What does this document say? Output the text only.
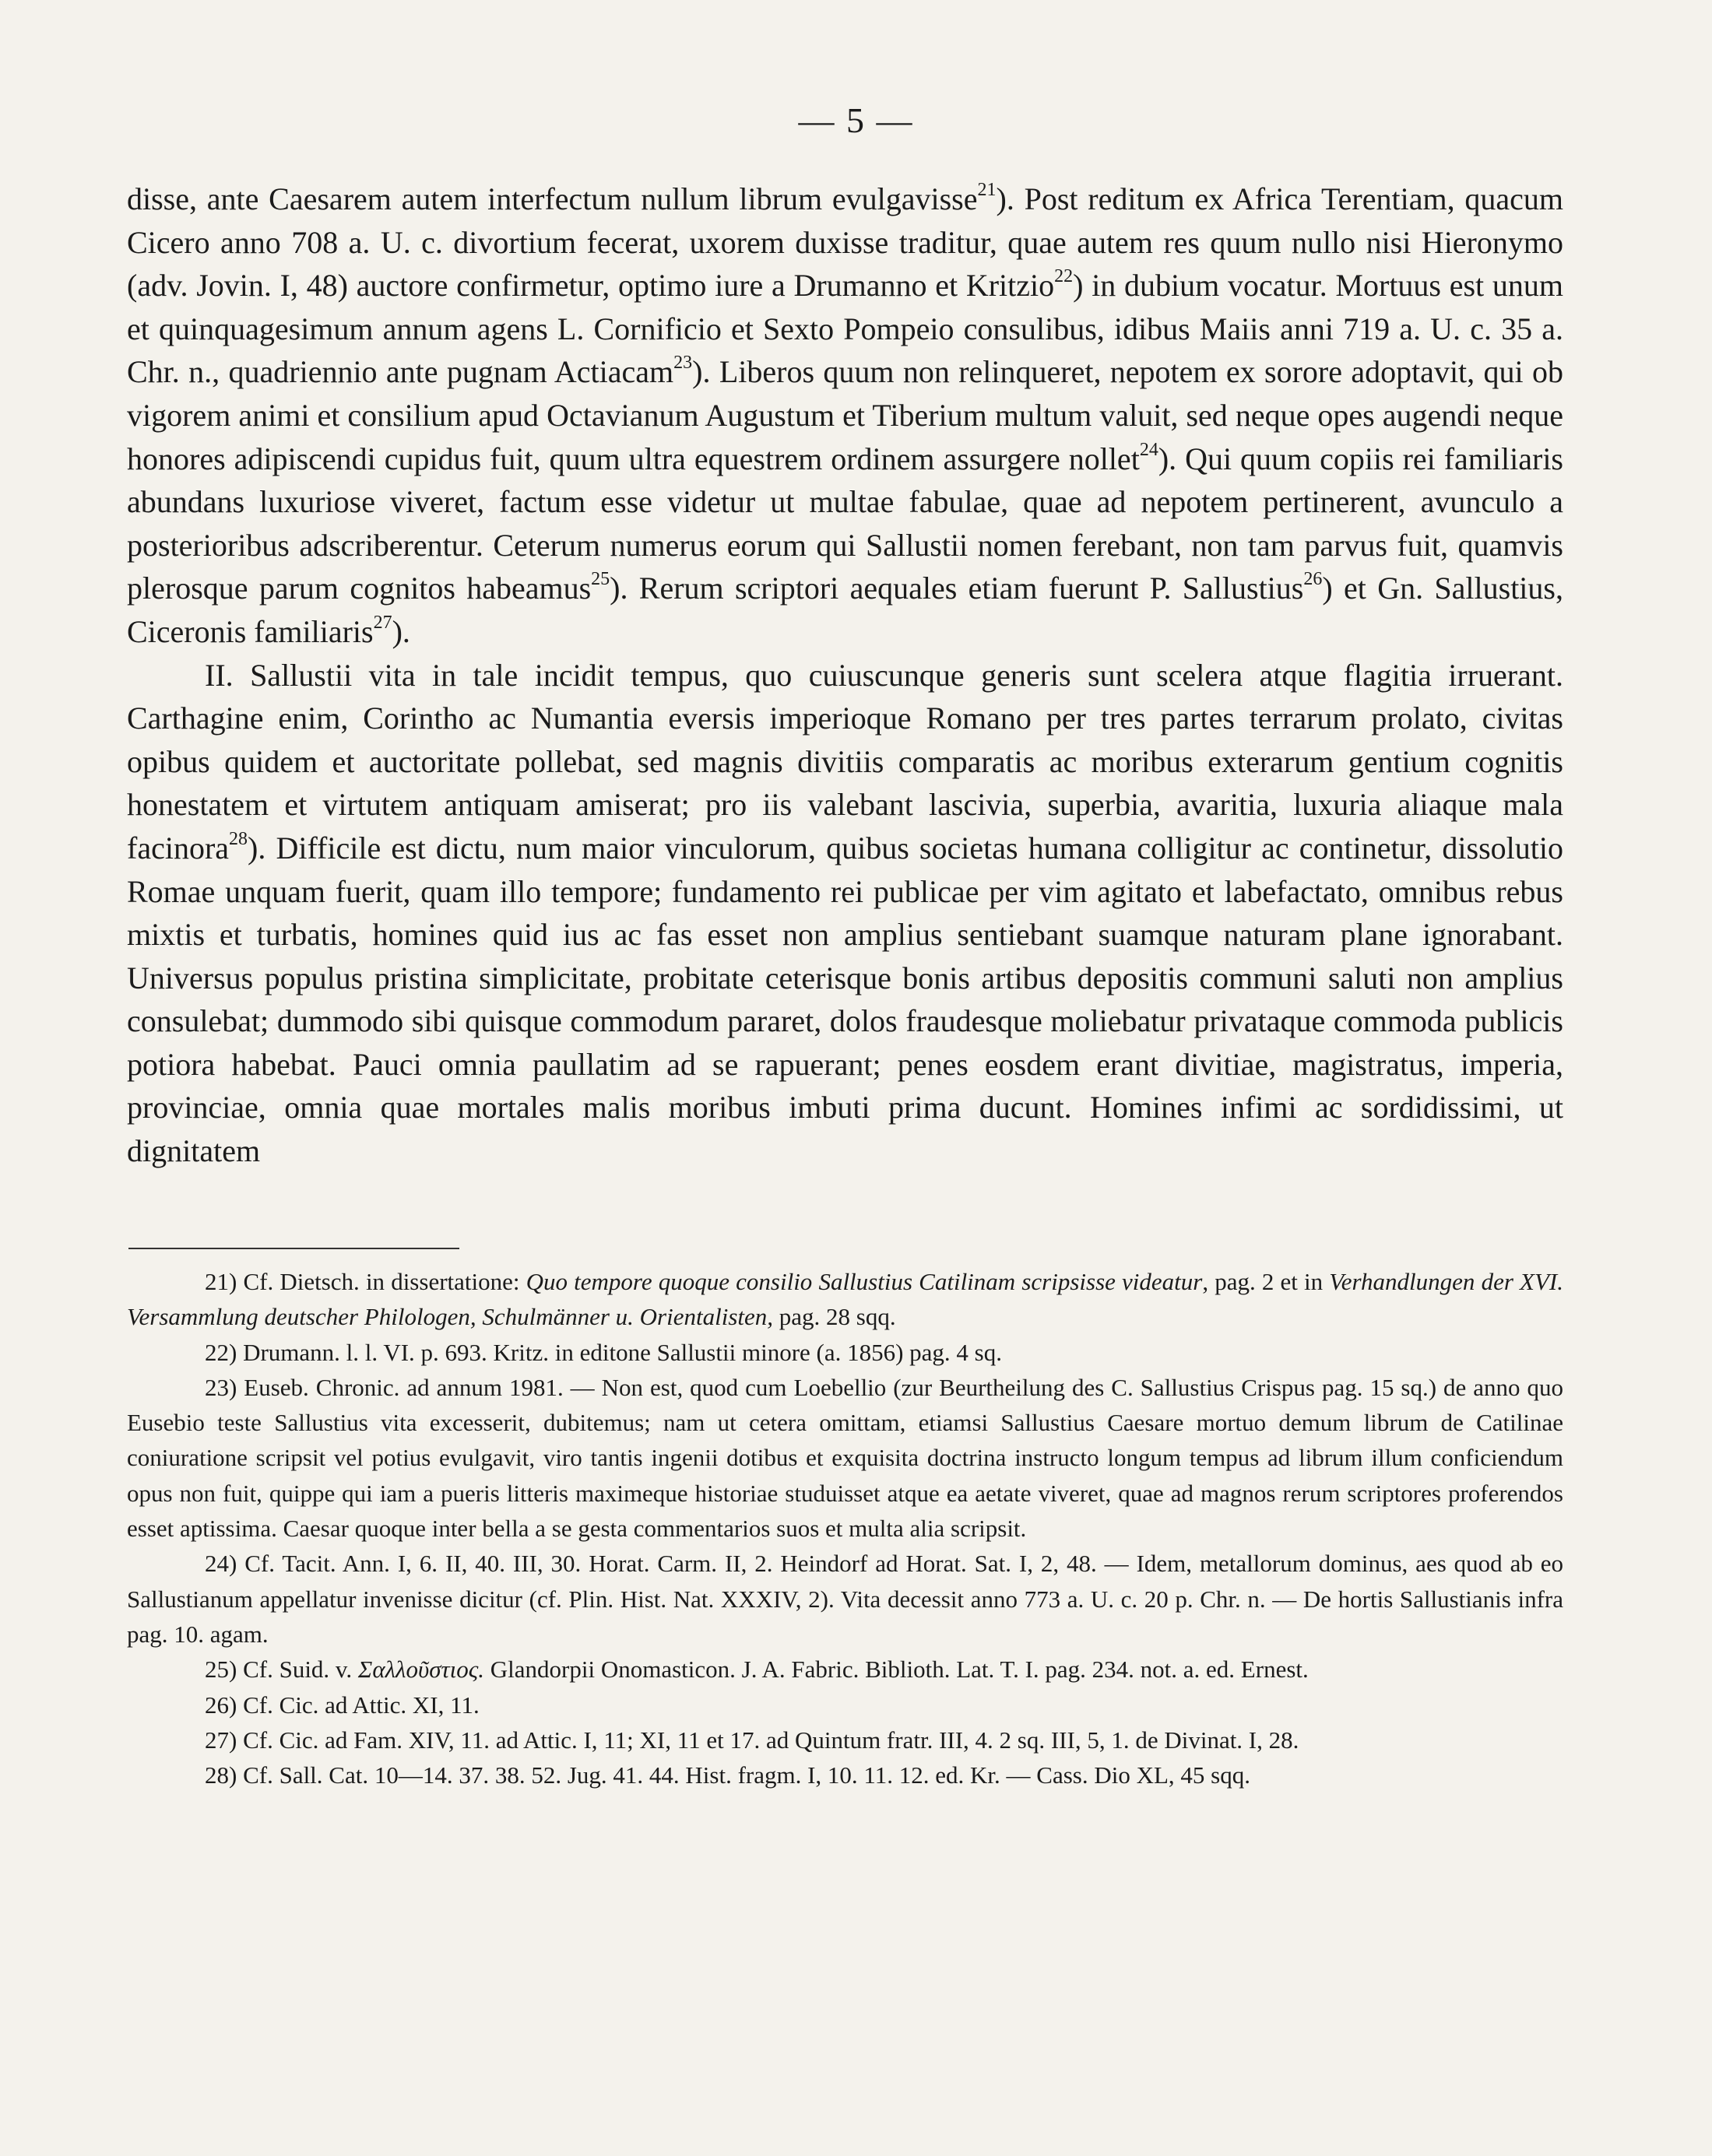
— 5 —

disse, ante Caesarem autem interfectum nullum librum evulgavisse$^{21}$). Post reditum ex Africa Terentiam, quacum Cicero anno 708 a. U. c. divortium fecerat, uxorem duxisse traditur, quae autem res quum nullo nisi Hieronymo (adv. Jovin. I, 48) auctore confirmetur, optimo iure a Drumanno et Kritzio$^{22}$) in dubium vocatur. Mortuus est unum et quinquagesimum annum agens L. Cornificio et Sexto Pompeio consulibus, idibus Maiis anni 719 a. U. c. 35 a. Chr. n., quadriennio ante pugnam Actiacam$^{23}$). Liberos quum non relinqueret, nepotem ex sorore adoptavit, qui ob vigorem animi et consilium apud Octavianum Augustum et Tiberium multum valuit, sed neque opes augendi neque honores adipiscendi cupidus fuit, quum ultra equestrem ordinem assurgere nollet$^{24}$). Qui quum copiis rei familiaris abundans luxuriose viveret, factum esse videtur ut multae fabulae, quae ad nepotem pertinerent, avunculo a posterioribus adscriberentur. Ceterum numerus eorum qui Sallustii nomen ferebant, non tam parvus fuit, quamvis plerosque parum cognitos habeamus$^{25}$). Rerum scriptori aequales etiam fuerunt P. Sallustius$^{26}$) et Gn. Sallustius, Ciceronis familiaris$^{27}$).

II. Sallustii vita in tale incidit tempus, quo cuiuscunque generis sunt scelera atque flagitia irruerant. Carthagine enim, Corintho ac Numantia eversis imperioque Romano per tres partes terrarum prolato, civitas opibus quidem et auctoritate pollebat, sed magnis divitiis comparatis ac moribus exterarum gentium cognitis honestatem et virtutem antiquam amiserat; pro iis valebant lascivia, superbia, avaritia, luxuria aliaque mala facinora$^{28}$). Difficile est dictu, num maior vinculorum, quibus societas humana colligitur ac continetur, dissolutio Romae unquam fuerit, quam illo tempore; fundamento rei publicae per vim agitato et labefactato, omnibus rebus mixtis et turbatis, homines quid ius ac fas esset non amplius sentiebant suamque naturam plane ignorabant. Universus populus pristina simplicitate, probitate ceterisque bonis artibus depositis communi saluti non amplius consulebat; dummodo sibi quisque commodum pararet, dolos fraudesque moliebatur privataque commoda publicis potiora habebat. Pauci omnia paullatim ad se rapuerant; penes eosdem erant divitiae, magistratus, imperia, provinciae, omnia quae mortales malis moribus imbuti prima ducunt. Homines infimi ac sordidissimi, ut dignitatem

21) Cf. Dietsch. in dissertatione: Quo tempore quoque consilio Sallustius Catilinam scripsisse videatur, pag. 2 et in Verhandlungen der XVI. Versammlung deutscher Philologen, Schulmänner u. Orientalisten, pag. 28 sqq.

22) Drumann. l. l. VI. p. 693. Kritz. in editone Sallustii minore (a. 1856) pag. 4 sq.

23) Euseb. Chronic. ad annum 1981. — Non est, quod cum Loebellio (zur Beurtheilung des C. Sallustius Crispus pag. 15 sq.) de anno quo Eusebio teste Sallustius vita excesserit, dubitemus; nam ut cetera omittam, etiamsi Sallustius Caesare mortuo demum librum de Catilinae coniuratione scripsit vel potius evulgavit, viro tantis ingenii dotibus et exquisita doctrina instructo longum tempus ad librum illum conficiendum opus non fuit, quippe qui iam a pueris litteris maximeque historiae studuisset atque ea aetate viveret, quae ad magnos rerum scriptores proferendos esset aptissima. Caesar quoque inter bella a se gesta commentarios suos et multa alia scripsit.

24) Cf. Tacit. Ann. I, 6. II, 40. III, 30. Horat. Carm. II, 2. Heindorf ad Horat. Sat. I, 2, 48. — Idem, metallorum dominus, aes quod ab eo Sallustianum appellatur invenisse dicitur (cf. Plin. Hist. Nat. XXXIV, 2). Vita decessit anno 773 a. U. c. 20 p. Chr. n. — De hortis Sallustianis infra pag. 10. agam.

25) Cf. Suid. v. Σαλλοῦστιος. Glandorpii Onomasticon. J. A. Fabric. Biblioth. Lat. T. I. pag. 234. not. a. ed. Ernest.

26) Cf. Cic. ad Attic. XI, 11.

27) Cf. Cic. ad Fam. XIV, 11. ad Attic. I, 11; XI, 11 et 17. ad Quintum fratr. III, 4. 2 sq. III, 5, 1. de Divinat. I, 28.

28) Cf. Sall. Cat. 10—14. 37. 38. 52. Jug. 41. 44. Hist. fragm. I, 10. 11. 12. ed. Kr. — Cass. Dio XL, 45 sqq.
